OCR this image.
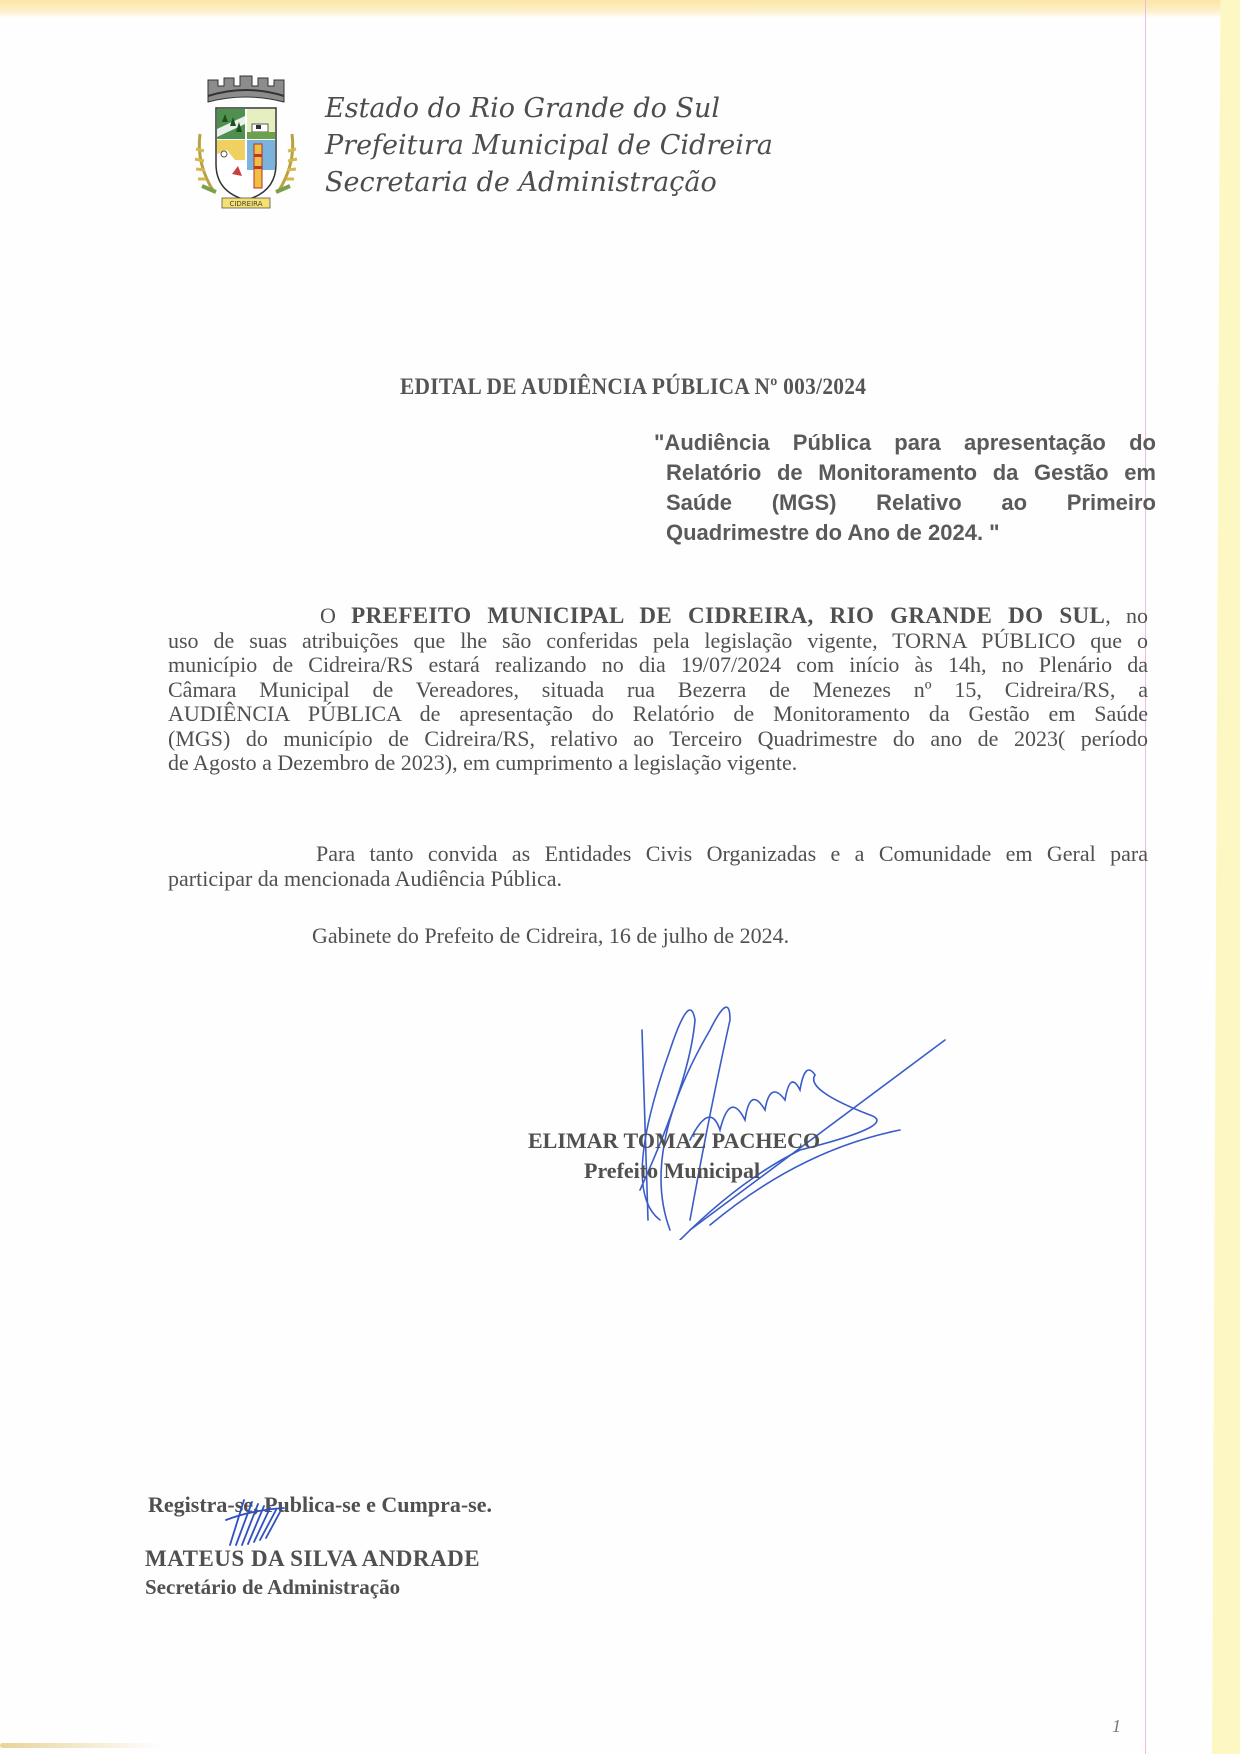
CIDREIRA
Estado do Rio Grande do Sul
Prefeitura Municipal de Cidreira
Secretaria de Administração
EDITAL DE AUDIÊNCIA PÚBLICA Nº 003/2024
"Audiência Pública para apresentação do
Relatório de Monitoramento da Gestão em
Saúde (MGS) Relativo ao Primeiro
Quadrimestre do Ano de 2024. "
O PREFEITO MUNICIPAL DE CIDREIRA, RIO GRANDE DO SUL, no
uso de suas atribuições que lhe são conferidas pela legislação vigente, TORNA PÚBLICO que o
município de Cidreira/RS estará realizando no dia 19/07/2024 com início às 14h, no Plenário da
Câmara Municipal de Vereadores, situada rua Bezerra de Menezes nº 15, Cidreira/RS, a
AUDIÊNCIA PÚBLICA de apresentação do Relatório de Monitoramento da Gestão em Saúde
(MGS) do município de Cidreira/RS, relativo ao Terceiro Quadrimestre do ano de 2023( período
de Agosto a Dezembro de 2023), em cumprimento a legislação vigente.
Para tanto convida as Entidades Civis Organizadas e a Comunidade em Geral para
participar da mencionada Audiência Pública.
Gabinete do Prefeito de Cidreira, 16 de julho de 2024.
ELIMAR TOMAZ PACHECO
Prefeito Municipal
Registra-se, Publica-se e Cumpra-se.
MATEUS DA SILVA ANDRADE
Secretário de Administração
1
